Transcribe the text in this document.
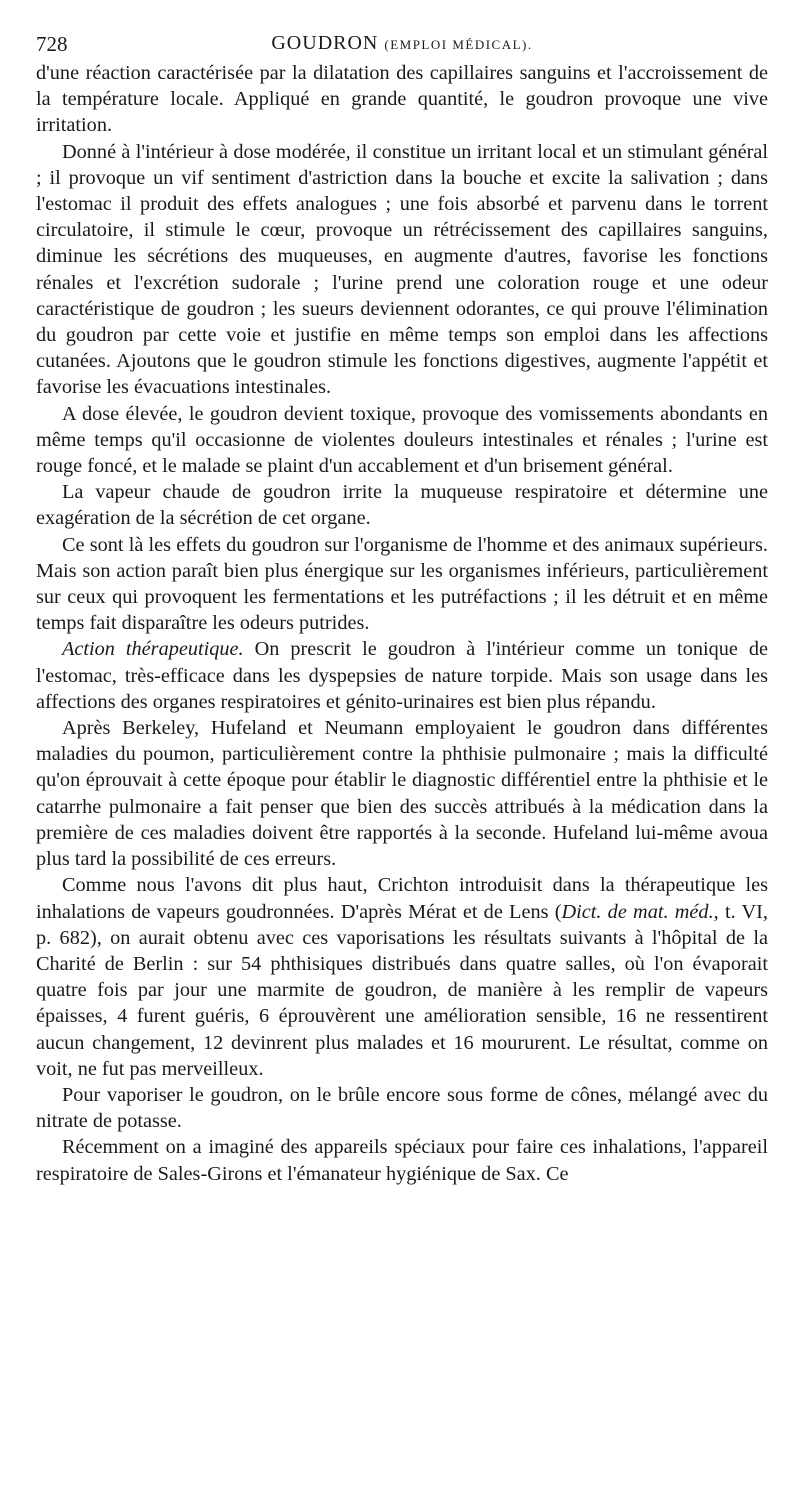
728	GOUDRON (EMPLOI MÉDICAL).

d'une réaction caractérisée par la dilatation des capillaires sanguins et l'accroissement de la température locale. Appliqué en grande quantité, le goudron provoque une vive irritation.

Donné à l'intérieur à dose modérée, il constitue un irritant local et un stimulant général ; il provoque un vif sentiment d'astriction dans la bouche et excite la salivation ; dans l'estomac il produit des effets analogues ; une fois absorbé et parvenu dans le torrent circulatoire, il stimule le cœur, provoque un rétrécissement des capillaires sanguins, diminue les sécrétions des muqueuses, en augmente d'autres, favorise les fonctions rénales et l'excrétion sudorale ; l'urine prend une coloration rouge et une odeur caractéristique de goudron ; les sueurs deviennent odorantes, ce qui prouve l'élimination du goudron par cette voie et justifie en même temps son emploi dans les affections cutanées. Ajoutons que le goudron stimule les fonctions digestives, augmente l'appétit et favorise les évacuations intestinales.

A dose élevée, le goudron devient toxique, provoque des vomissements abondants en même temps qu'il occasionne de violentes douleurs intestinales et rénales ; l'urine est rouge foncé, et le malade se plaint d'un accablement et d'un brisement général.

La vapeur chaude de goudron irrite la muqueuse respiratoire et détermine une exagération de la sécrétion de cet organe.

Ce sont là les effets du goudron sur l'organisme de l'homme et des animaux supérieurs. Mais son action paraît bien plus énergique sur les organismes inférieurs, particulièrement sur ceux qui provoquent les fermentations et les putréfactions ; il les détruit et en même temps fait disparaître les odeurs putrides.

Action thérapeutique. On prescrit le goudron à l'intérieur comme un tonique de l'estomac, très-efficace dans les dyspepsies de nature torpide. Mais son usage dans les affections des organes respiratoires et génito-urinaires est bien plus répandu.

Après Berkeley, Hufeland et Neumann employaient le goudron dans différentes maladies du poumon, particulièrement contre la phthisie pulmonaire ; mais la difficulté qu'on éprouvait à cette époque pour établir le diagnostic différentiel entre la phthisie et le catarrhe pulmonaire a fait penser que bien des succès attribués à la médication dans la première de ces maladies doivent être rapportés à la seconde. Hufeland lui-même avoua plus tard la possibilité de ces erreurs.

Comme nous l'avons dit plus haut, Crichton introduisit dans la thérapeutique les inhalations de vapeurs goudronnées. D'après Mérat et de Lens (Dict. de mat. méd., t. VI, p. 682), on aurait obtenu avec ces vaporisations les résultats suivants à l'hôpital de la Charité de Berlin : sur 54 phthisiques distribués dans quatre salles, où l'on évaporait quatre fois par jour une marmite de goudron, de manière à les remplir de vapeurs épaisses, 4 furent guéris, 6 éprouvèrent une amélioration sensible, 16 ne ressentirent aucun changement, 12 devinrent plus malades et 16 moururent. Le résultat, comme on voit, ne fut pas merveilleux.

Pour vaporiser le goudron, on le brûle encore sous forme de cônes, mélangé avec du nitrate de potasse.

Récemment on a imaginé des appareils spéciaux pour faire ces inhalations, l'appareil respiratoire de Sales-Girons et l'émanateur hygiénique de Sax. Ce
